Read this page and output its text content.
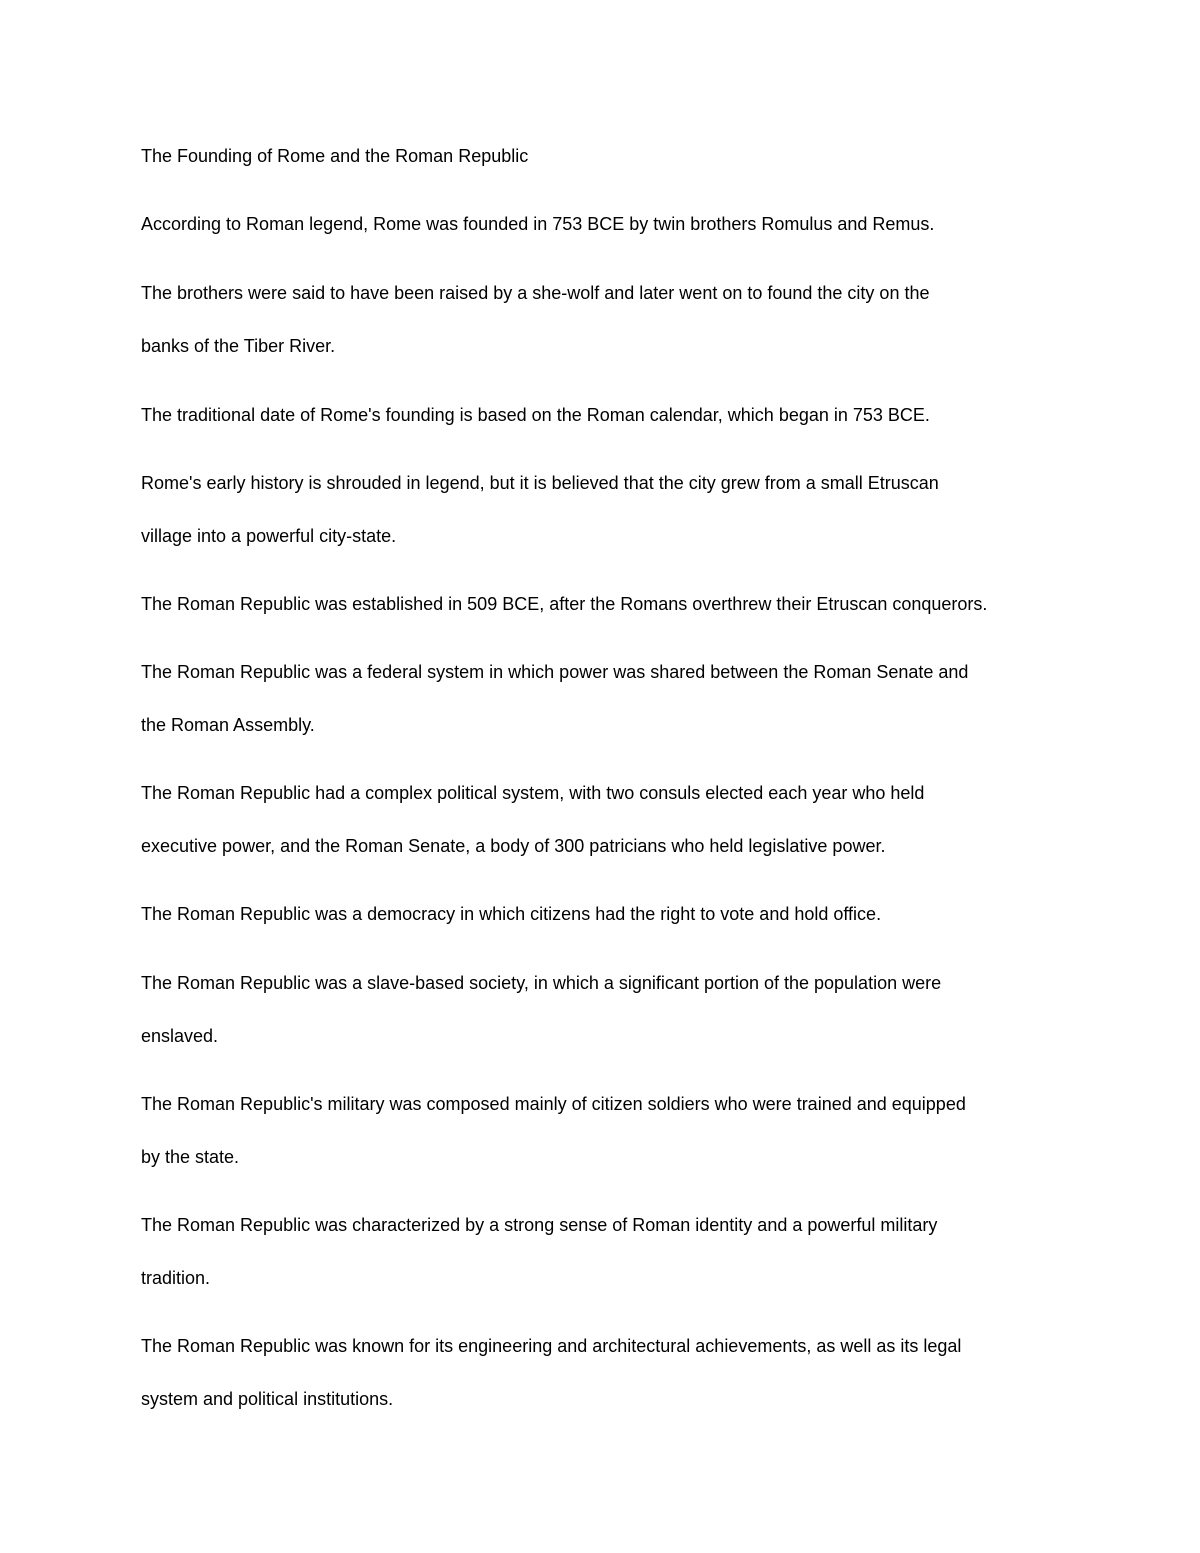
The Founding of Rome and the Roman Republic

According to Roman legend, Rome was founded in 753 BCE by twin brothers Romulus and Remus.

The brothers were said to have been raised by a she-wolf and later went on to found the city on the

banks of the Tiber River.

The traditional date of Rome's founding is based on the Roman calendar, which began in 753 BCE.

Rome's early history is shrouded in legend, but it is believed that the city grew from a small Etruscan

village into a powerful city-state.

The Roman Republic was established in 509 BCE, after the Romans overthrew their Etruscan conquerors.

The Roman Republic was a federal system in which power was shared between the Roman Senate and

the Roman Assembly.

The Roman Republic had a complex political system, with two consuls elected each year who held

executive power, and the Roman Senate, a body of 300 patricians who held legislative power.

The Roman Republic was a democracy in which citizens had the right to vote and hold office.

The Roman Republic was a slave-based society, in which a significant portion of the population were

enslaved.

The Roman Republic's military was composed mainly of citizen soldiers who were trained and equipped

by the state.

The Roman Republic was characterized by a strong sense of Roman identity and a powerful military

tradition.

The Roman Republic was known for its engineering and architectural achievements, as well as its legal

system and political institutions.
